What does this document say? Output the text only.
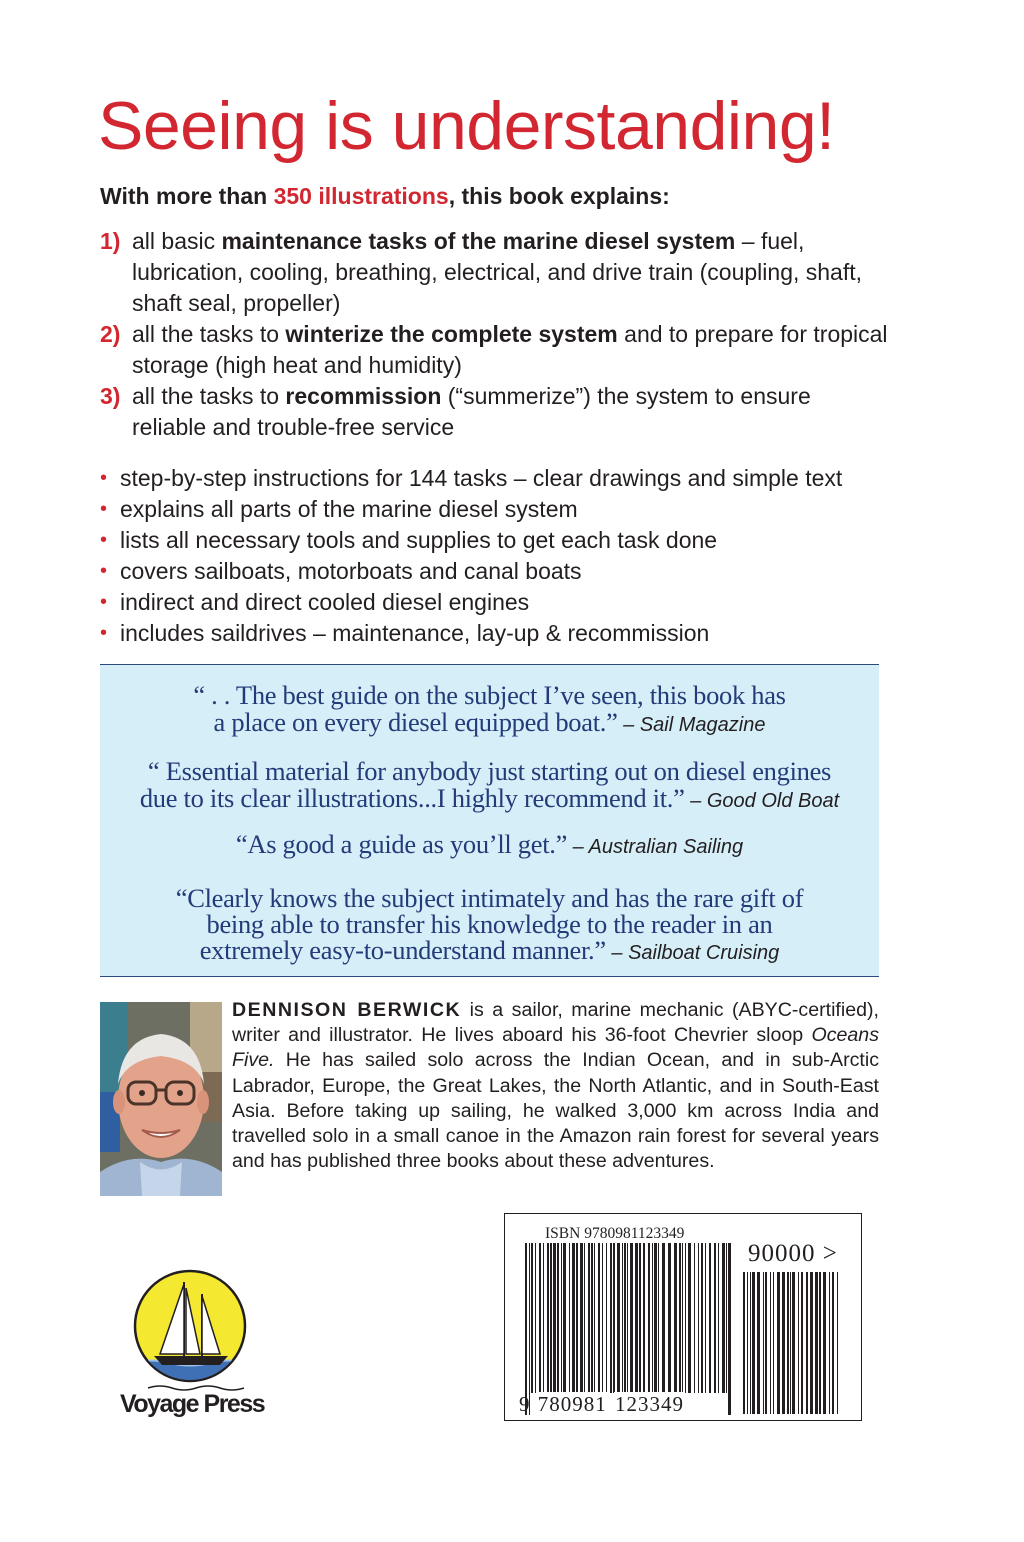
Seeing is understanding!
With more than 350 illustrations, this book explains:
1) all basic maintenance tasks of the marine diesel system – fuel, lubrication, cooling, breathing, electrical, and drive train (coupling, shaft, shaft seal, propeller)
2) all the tasks to winterize the complete system and to prepare for tropical storage (high heat and humidity)
3) all the tasks to recommission (“summerize”) the system to ensure reliable and trouble-free service
• step-by-step instructions for 144 tasks – clear drawings and simple text
• explains all parts of the marine diesel system
• lists all necessary tools and supplies to get each task done
• covers sailboats, motorboats and canal boats
• indirect and direct cooled diesel engines
• includes saildrives – maintenance, lay-up & recommission
“ . . The best guide on the subject I’ve seen, this book has
a place on every diesel equipped boat.” – Sail Magazine
“ Essential material for anybody just starting out on diesel engines
due to its clear illustrations...I highly recommend it.” – Good Old Boat
“As good a guide as you’ll get.” – Australian Sailing
“Clearly knows the subject intimately and has the rare gift of
being able to transfer his knowledge to the reader in an
extremely easy-to-understand manner.” – Sailboat Cruising
DENNISON BERWICK is a sailor, marine mechanic (ABYC-certified), writer and illustrator. He lives aboard his 36-foot Chevrier sloop Oceans Five. He has sailed solo across the Indian Ocean, and in sub-Arctic Labrador, Europe, the Great Lakes, the North Atlantic, and in South-East Asia. Before taking up sailing, he walked 3,000 km across India and travelled solo in a small canoe in the Amazon rain forest for several years and has published three books about these adventures.
Voyage Press
ISBN 9780981123349
90000 >
9 780981 123349
